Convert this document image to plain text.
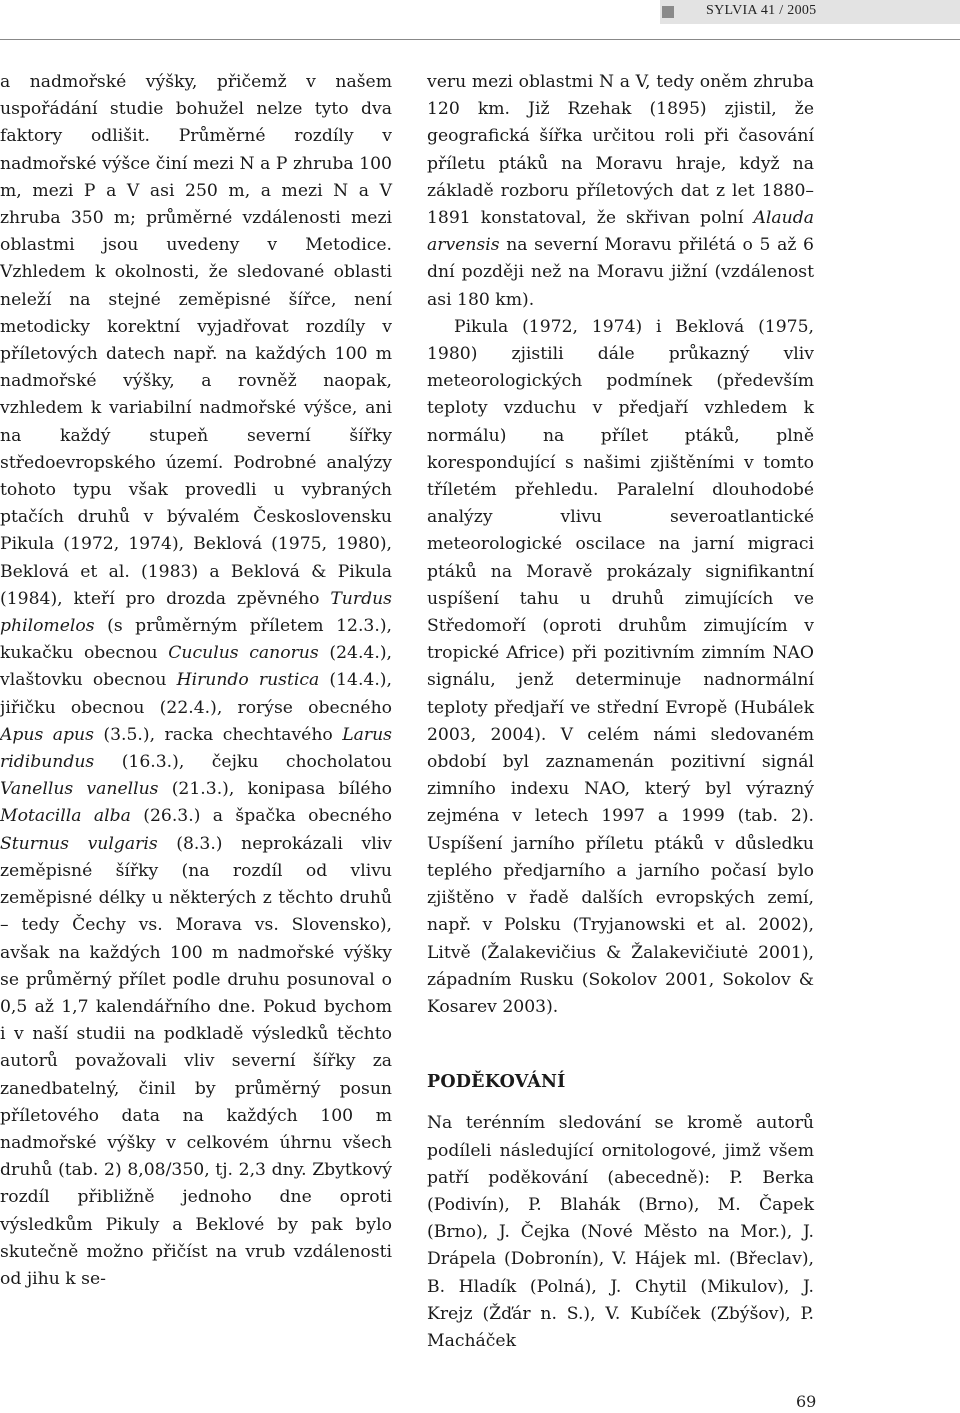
SYLVIA 41 / 2005

a nadmořské výšky, přičemž v našem uspořádání studie bohužel nelze tyto dva faktory odlišit. Průměrné rozdíly v nadmořské výšce činí mezi N a P zhruba 100 m, mezi P a V asi 250 m, a mezi N a V zhruba 350 m; průměrné vzdálenosti mezi oblastmi jsou uvedeny v Metodice. Vzhledem k okolnosti, že sledované oblasti neleží na stejné zeměpisné šířce, není metodicky korektní vyjadřovat rozdíly v příletových datech např. na každých 100 m nadmořské výšky, a rovněž naopak, vzhledem k variabilní nadmořské výšce, ani na každý stupeň severní šířky středoevropského území. Podrobné analýzy tohoto typu však provedli u vybraných ptačích druhů v bývalém Československu Pikula (1972, 1974), Beklová (1975, 1980), Beklová et al. (1983) a Beklová & Pikula (1984), kteří pro drozda zpěvného Turdus philomelos (s průměrným příletem 12.3.), kukačku obecnou Cuculus canorus (24.4.), vlaštovku obecnou Hirundo rustica (14.4.), jiřičku obecnou (22.4.), rorýse obecného Apus apus (3.5.), racka chechtavého Larus ridibundus (16.3.), čejku chocholatou Vanellus vanellus (21.3.), konipasa bílého Motacilla alba (26.3.) a špačka obecného Sturnus vulgaris (8.3.) neprokázali vliv zeměpisné šířky (na rozdíl od vlivu zeměpisné délky u některých z těchto druhů – tedy Čechy vs. Morava vs. Slovensko), avšak na každých 100 m nadmořské výšky se průměrný přílet podle druhu posunoval o 0,5 až 1,7 kalendářního dne. Pokud bychom i v naší studii na podkladě výsledků těchto autorů považovali vliv severní šířky za zanedbatelný, činil by průměrný posun příletového data na každých 100 m nadmořské výšky v celkovém úhrnu všech druhů (tab. 2) 8,08/350, tj. 2,3 dny. Zbytkový rozdíl přibližně jednoho dne oproti výsledkům Pikuly a Beklové by pak bylo skutečně možno přičíst na vrub vzdálenosti od jihu k se-

veru mezi oblastmi N a V, tedy oněm zhruba 120 km. Již Rzehak (1895) zjistil, že geografická šířka určitou roli při časování příletu ptáků na Moravu hraje, když na základě rozboru příletových dat z let 1880–1891 konstatoval, že skřivan polní Alauda arvensis na severní Moravu přilétá o 5 až 6 dní později než na Moravu jižní (vzdálenost asi 180 km).

Pikula (1972, 1974) i Beklová (1975, 1980) zjistili dále průkazný vliv meteorologických podmínek (především teploty vzduchu v předjaří vzhledem k normálu) na přílet ptáků, plně korespondující s našimi zjištěními v tomto tříletém přehledu. Paralelní dlouhodobé analýzy vlivu severoatlantické meteorologické oscilace na jarní migraci ptáků na Moravě prokázaly signifikantní uspíšení tahu u druhů zimujících ve Středomoří (oproti druhům zimujícím v tropické Africe) při pozitivním zimním NAO signálu, jenž determinuje nadnormální teploty předjaří ve střední Evropě (Hubálek 2003, 2004). V celém námi sledovaném období byl zaznamenán pozitivní signál zimního indexu NAO, který byl výrazný zejména v letech 1997 a 1999 (tab. 2). Uspíšení jarního příletu ptáků v důsledku teplého předjarního a jarního počasí bylo zjištěno v řadě dalších evropských zemí, např. v Polsku (Tryjanowski et al. 2002), Litvě (Žalakevičius & Žalakevičiutė 2001), západním Rusku (Sokolov 2001, Sokolov & Kosarev 2003).

PODĚKOVÁNÍ

Na terénním sledování se kromě autorů podíleli následující ornitologové, jimž všem patří poděkování (abecedně): P. Berka (Podivín), P. Blahák (Brno), M. Čapek (Brno), J. Čejka (Nové Město na Mor.), J. Drápela (Dobronín), V. Hájek ml. (Břeclav), B. Hladík (Polná), J. Chytil (Mikulov), J. Krejz (Žďár n. S.), V. Kubíček (Zbýšov), P. Macháček

69
